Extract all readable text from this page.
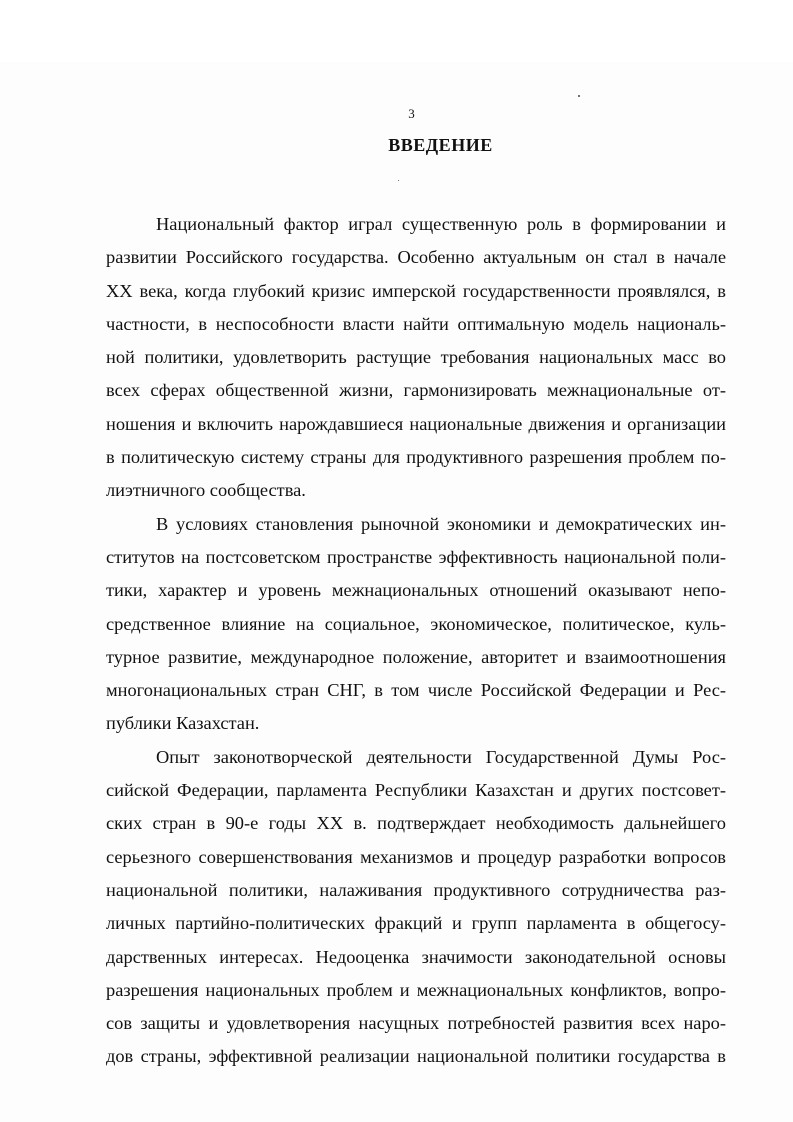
3
ВВЕДЕНИЕ
Национальный фактор играл существенную роль в формировании и
развитии Российского государства. Особенно актуальным он стал в начале
XX века, когда глубокий кризис имперской государственности проявлялся, в
частности, в неспособности власти найти оптимальную модель националь-
ной политики, удовлетворить растущие требования национальных масс во
всех сферах общественной жизни, гармонизировать межнациональные от-
ношения и включить нарождавшиеся национальные движения и организации
в политическую систему страны для продуктивного разрешения проблем по-
лиэтничного сообщества.
В условиях становления рыночной экономики и демократических ин-
ститутов на постсоветском пространстве эффективность национальной поли-
тики, характер и уровень межнациональных отношений оказывают непо-
средственное влияние на социальное, экономическое, политическое, куль-
турное развитие, международное положение, авторитет и взаимоотношения
многонациональных стран СНГ, в том числе Российской Федерации и Рес-
публики Казахстан.
Опыт законотворческой деятельности Государственной Думы Рос-
сийской Федерации, парламента Республики Казахстан и других постсовет-
ских стран в 90-е годы XX в. подтверждает необходимость дальнейшего
серьезного совершенствования механизмов и процедур разработки вопросов
национальной политики, налаживания продуктивного сотрудничества раз-
личных партийно-политических фракций и групп парламента в общегосу-
дарственных интересах. Недооценка значимости законодательной основы
разрешения национальных проблем и межнациональных конфликтов, вопро-
сов защиты и удовлетворения насущных потребностей развития всех наро-
дов страны, эффективной реализации национальной политики государства в
